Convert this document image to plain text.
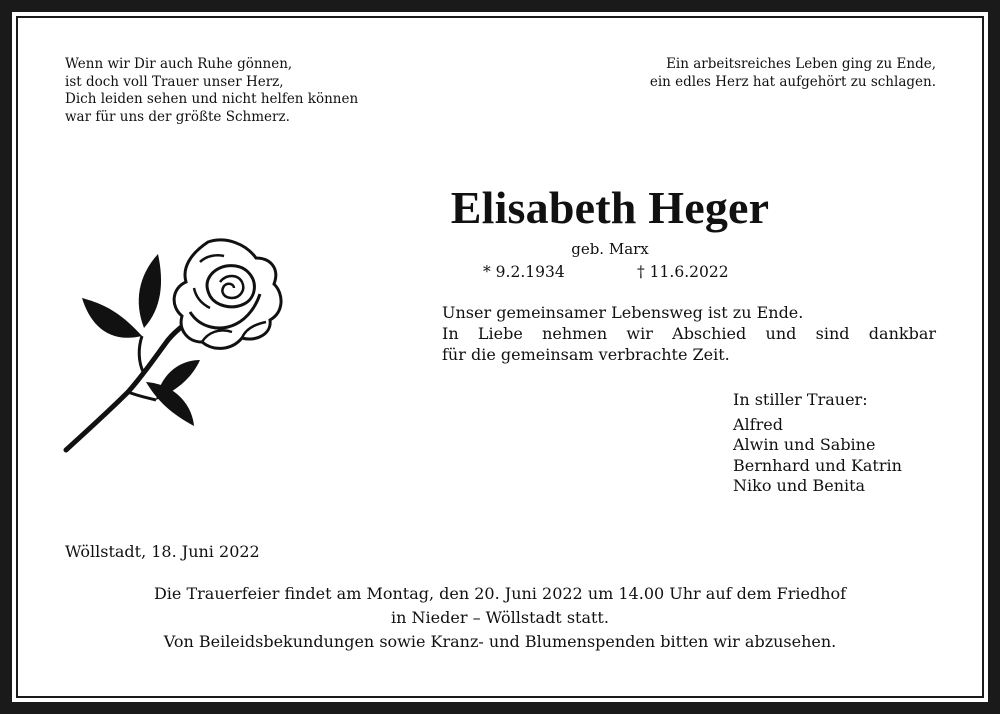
Wenn wir Dir auch Ruhe gönnen,
ist doch voll Trauer unser Herz,
Dich leiden sehen und nicht helfen können
war für uns der größte Schmerz.
Ein arbeitsreiches Leben ging zu Ende,
ein edles Herz hat aufgehört zu schlagen.
Elisabeth Heger
geb. Marx
* 9.2.1934	† 11.6.2022
Unser gemeinsamer Lebensweg ist zu Ende.
In Liebe nehmen wir Abschied und sind dankbar
für die gemeinsam verbrachte Zeit.
In stiller Trauer:
Alfred
Alwin und Sabine
Bernhard und Katrin
Niko und Benita
Wöllstadt, 18. Juni 2022
Die Trauerfeier findet am Montag, den 20. Juni 2022 um 14.00 Uhr auf dem Friedhof
in Nieder – Wöllstadt statt.
Von Beileidsbekundungen sowie Kranz- und Blumenspenden bitten wir abzusehen.
